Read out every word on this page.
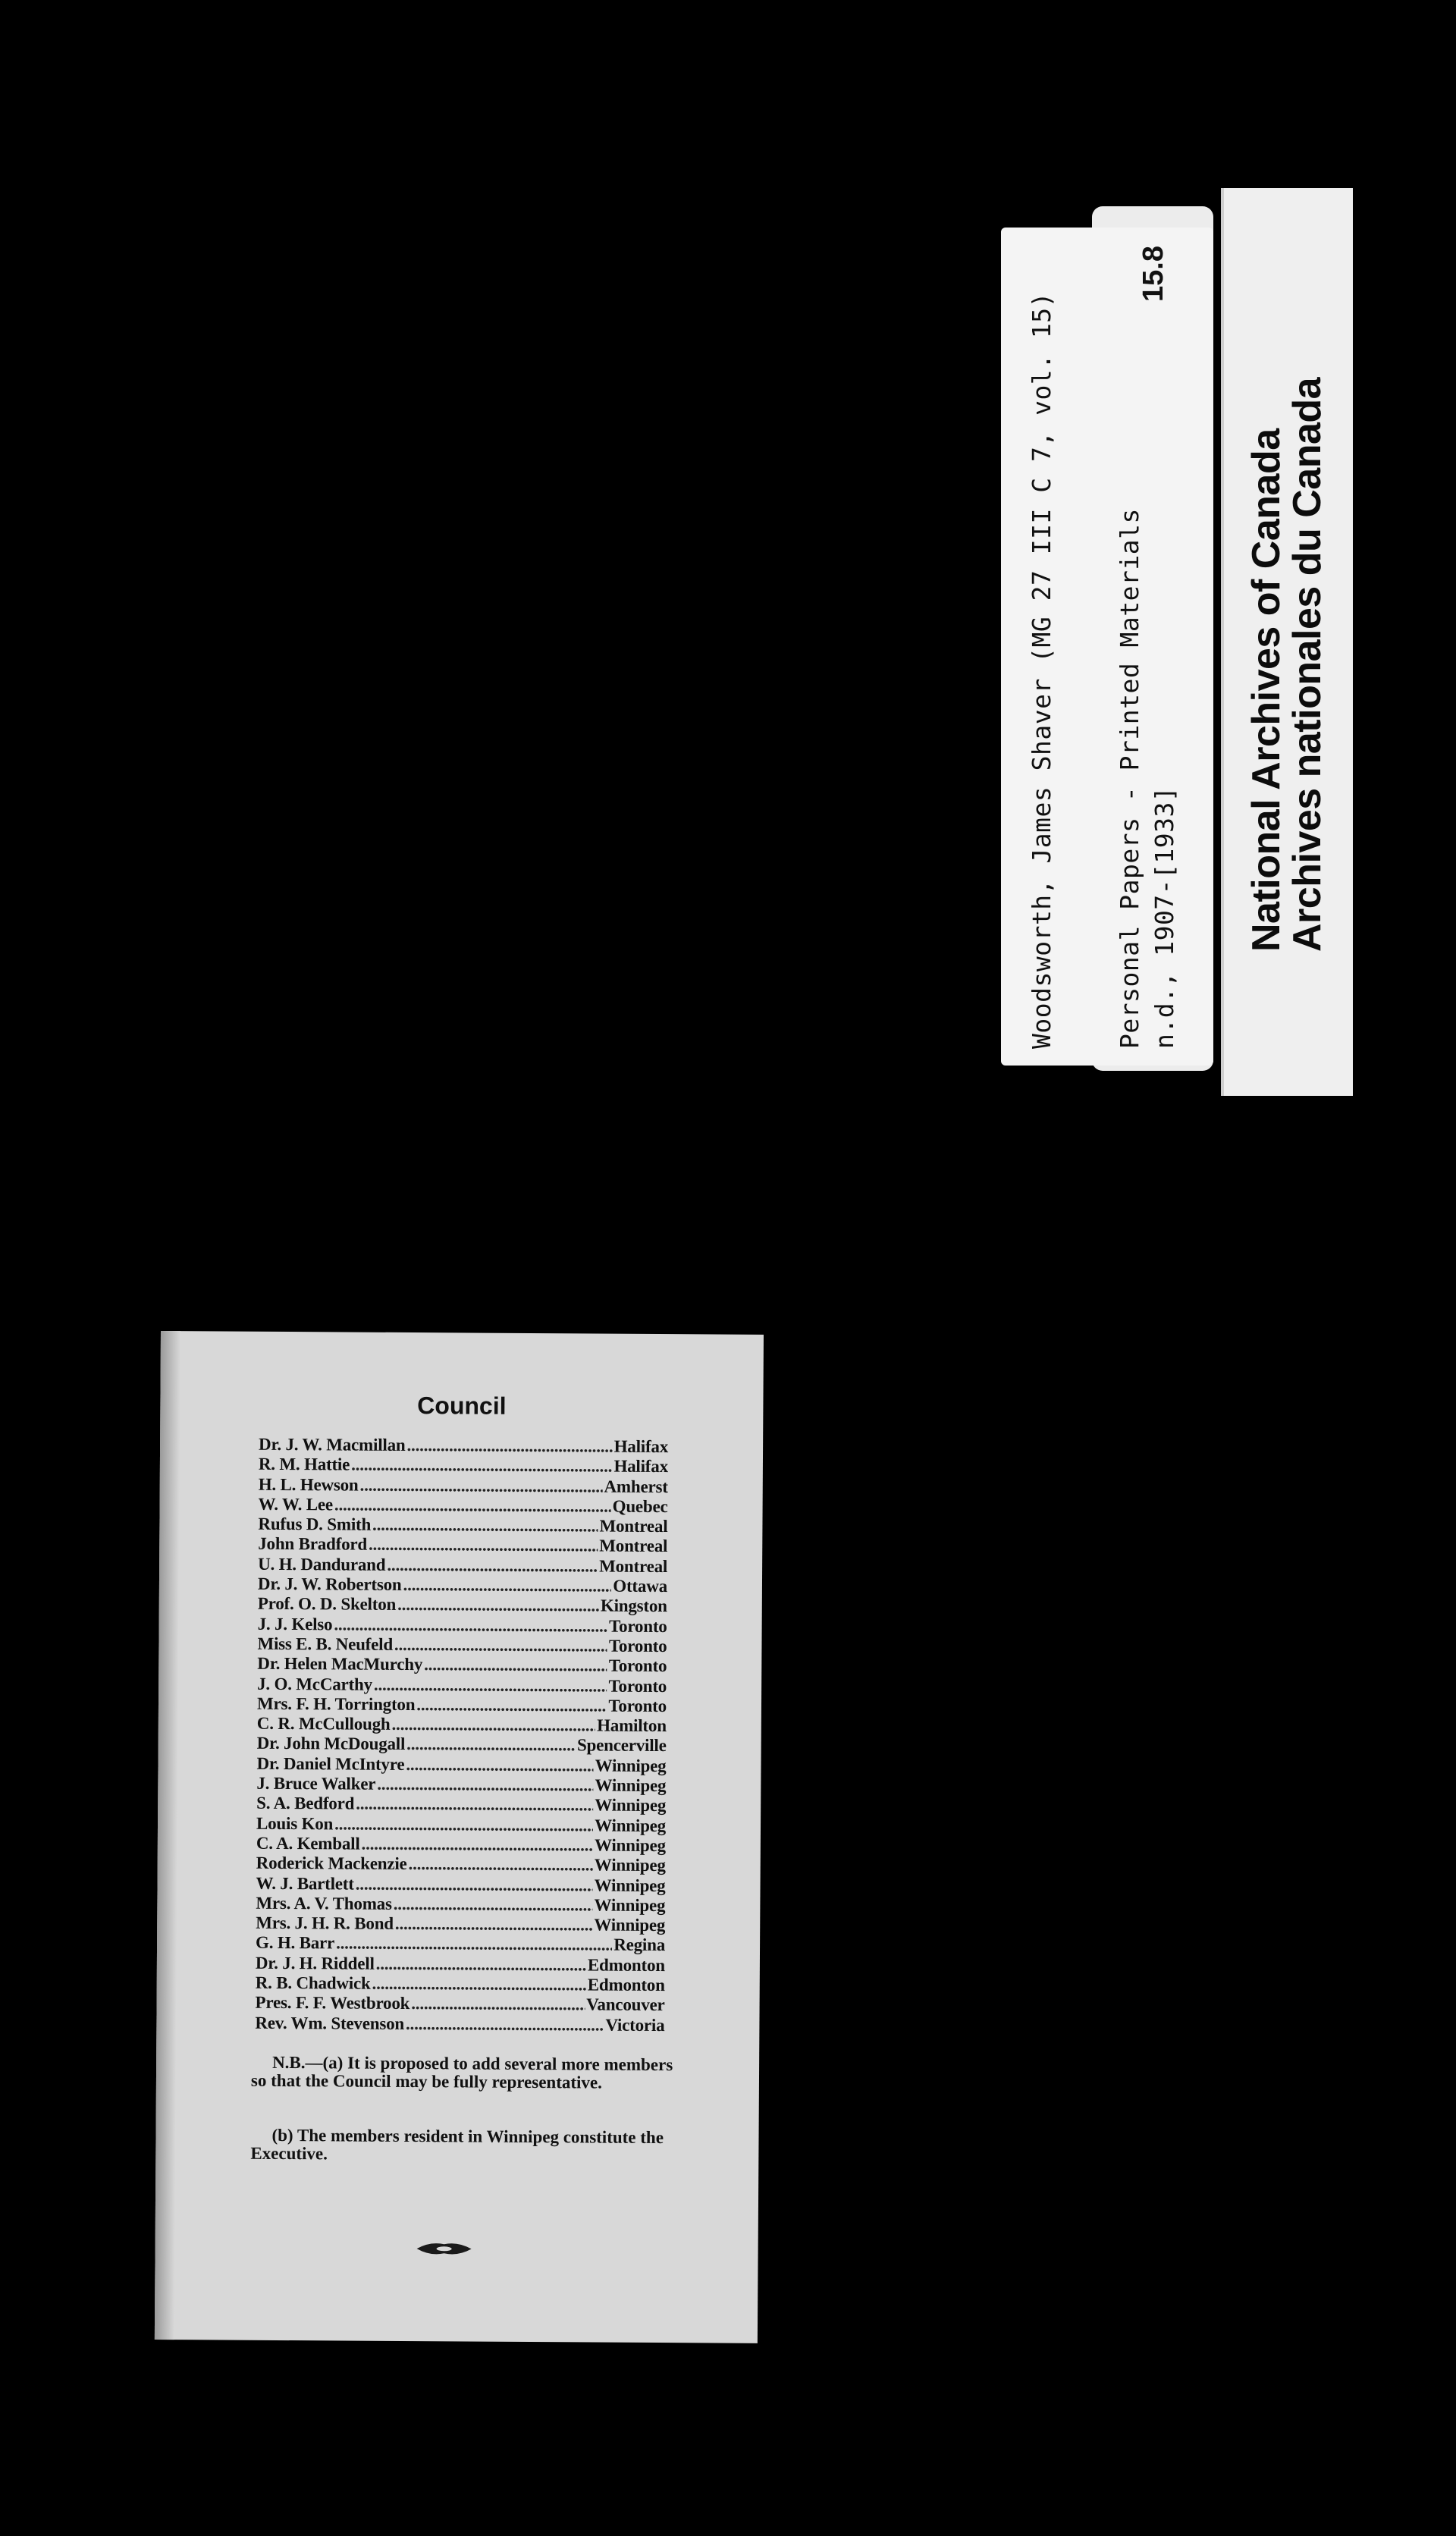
Woodsworth, James Shaver (MG 27 III C 7, vol. 15) Personal Papers - Printed Materials n.d., 1907-[1933]
15.8
National Archives of Canada
Archives nationales du Canada
Council
Dr. J. W. Macmillan .....	Halifax
R. M. Hattie .....	Halifax
H. L. Hewson .....	Amherst
W. W. Lee .....	Quebec
Rufus D. Smith .....	Montreal
John Bradford .....	Montreal
U. H. Dandurand .....	Montreal
Dr. J. W. Robertson .....	Ottawa
Prof. O. D. Skelton .....	Kingston
J. J. Kelso .....	Toronto
Miss E. B. Neufeld .....	Toronto
Dr. Helen MacMurchy .....	Toronto
J. O. McCarthy .....	Toronto
Mrs. F. H. Torrington .....	Toronto
C. R. McCullough .....	Hamilton
Dr. John McDougall .....	Spencerville
Dr. Daniel McIntyre .....	Winnipeg
J. Bruce Walker .....	Winnipeg
S. A. Bedford .....	Winnipeg
Louis Kon .....	Winnipeg
C. A. Kemball .....	Winnipeg
Roderick Mackenzie .....	Winnipeg
W. J. Bartlett .....	Winnipeg
Mrs. A. V. Thomas .....	Winnipeg
Mrs. J. H. R. Bond .....	Winnipeg
G. H. Barr .....	Regina
Dr. J. H. Riddell .....	Edmonton
R. B. Chadwick .....	Edmonton
Pres. F. F. Westbrook .....	Vancouver
Rev. Wm. Stevenson .....	Victoria
N.B.—(a) It is proposed to add several more members so that the Council may be fully representative.
(b) The members resident in Winnipeg constitute the Executive.
